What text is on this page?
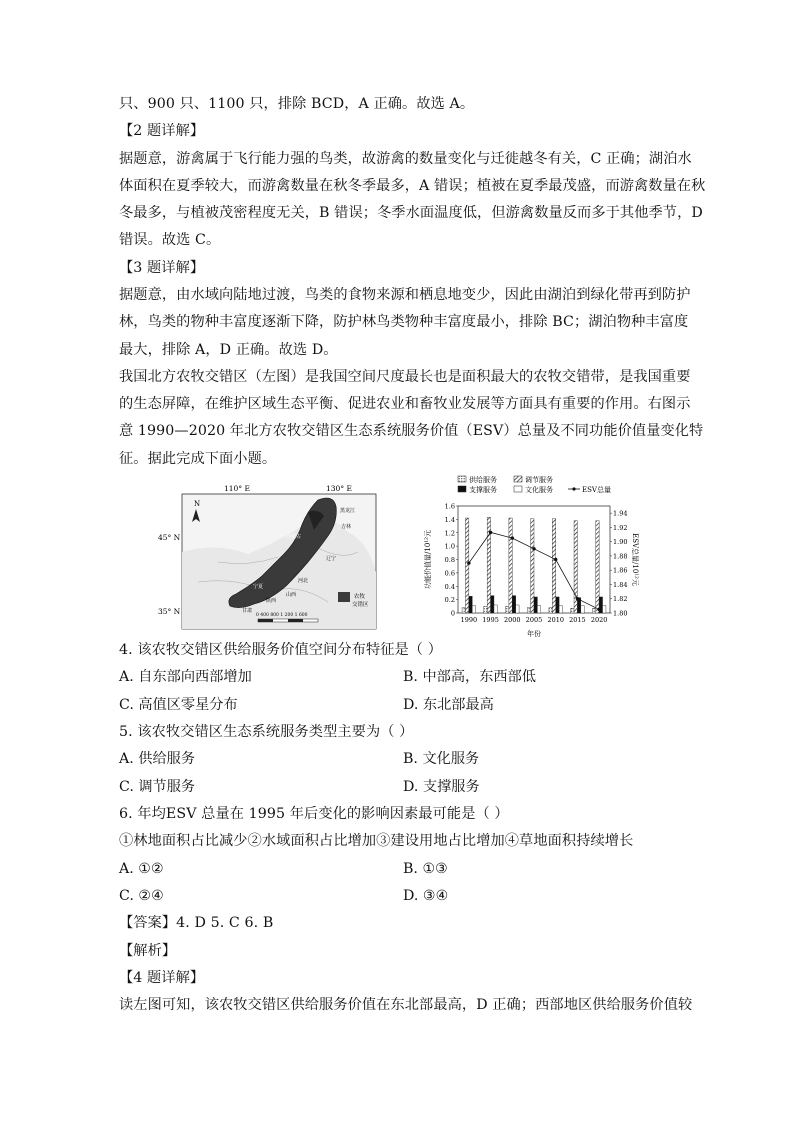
只、900 只、1100 只，排除 BCD，A 正确。故选 A。
【2 题详解】
据题意，游禽属于飞行能力强的鸟类，故游禽的数量变化与迁徙越冬有关，C 正确；湖泊水
体面积在夏季较大，而游禽数量在秋冬季最多，A 错误；植被在夏季最茂盛，而游禽数量在秋
冬最多，与植被茂密程度无关，B 错误；冬季水面温度低，但游禽数量反而多于其他季节，D
错误。故选 C。
【3 题详解】
据题意，由水域向陆地过渡，鸟类的食物来源和栖息地变少，因此由湖泊到绿化带再到防护
林，鸟类的物种丰富度逐渐下降，防护林鸟类物种丰富度最小，排除 BC；湖泊物种丰富度
最大，排除 A，D 正确。故选 D。
我国北方农牧交错区（左图）是我国空间尺度最长也是面积最大的农牧交错带，是我国重要
的生态屏障，在维护区域生态平衡、促进农业和畜牧业发展等方面具有重要的作用。右图示
意 1990—2020 年北方农牧交错区生态系统服务价值（ESV）总量及不同功能价值量变化特
征。据此完成下面小题。
110° E	130° E
45° N
35° N
N
内蒙古
吉林
辽宁
宁夏
甘肃
陕西
山西
河北
黑龙江
农牧
交错区
0 400 800 1 200 1 600
供给服务	调节服务
支撑服务	文化服务	ESV总量
0
0.2
0.4
0.6
0.8
1.0
1.2
1.4
1.6
1.80
1.82
1.84
1.86
1.88
1.90
1.92
1.94
功能价值量/10¹²元	ESV总量/10¹²元
年份
1990 1995 2000 2005 2010 2015 2020
4. 该农牧交错区供给服务价值空间分布特征是（ ）
A. 自东部向西部增加	B. 中部高，东西部低
C. 高值区零星分布	D. 东北部最高
5. 该农牧交错区生态系统服务类型主要为（ ）
A. 供给服务	B. 文化服务
C. 调节服务	D. 支撑服务
6. 年均ESV 总量在 1995 年后变化的影响因素最可能是（ ）
①林地面积占比减少②水域面积占比增加③建设用地占比增加④草地面积持续增长
A. ①②	B. ①③
C. ②④	D. ③④
【答案】4. D 5. C 6. B
【解析】
【4 题详解】
读左图可知，该农牧交错区供给服务价值在东北部最高，D 正确；西部地区供给服务价值较
